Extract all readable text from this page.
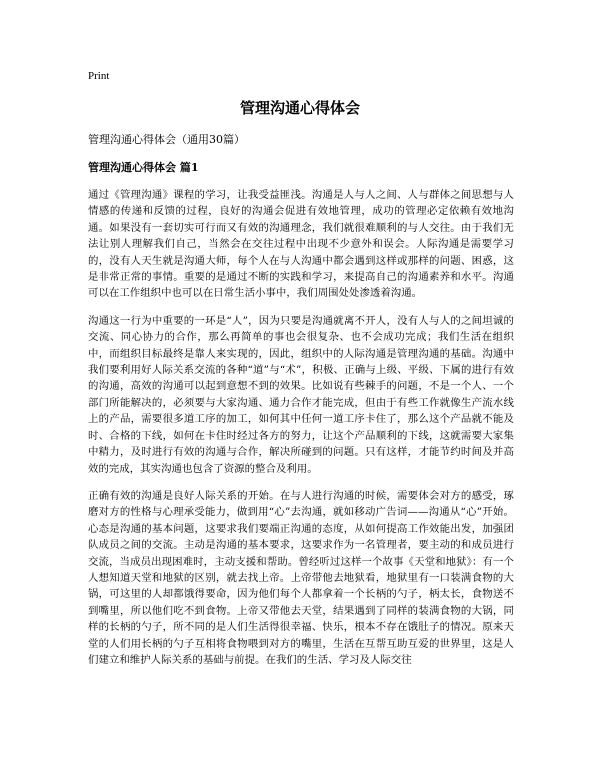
Print
管理沟通心得体会
管理沟通心得体会（通用30篇）
管理沟通心得体会 篇1

通过《管理沟通》课程的学习，让我受益匪浅。沟通是人与人之间、人与群体之间思想与人情感的传递和反馈的过程，良好的沟通会促进有效地管理，成功的管理必定依赖有效地沟通。如果没有一套切实可行而又有效的沟通理念，我们就很难顺利的与人交往。由于我们无法让别人理解我们自己，当然会在交往过程中出现不少意外和误会。人际沟通是需要学习的，没有人天生就是沟通大师，每个人在与人沟通中都会遇到这样或那样的问题、困惑，这是非常正常的事情。重要的是通过不断的实践和学习，来提高自己的沟通素养和水平。沟通可以在工作组织中也可以在日常生活小事中，我们周围处处渗透着沟通。

沟通这一行为中重要的一环是“人”，因为只要是沟通就离不开人，没有人与人的之间坦诚的交流、同心协力的合作，那么再简单的事也会很复杂、也不会成功完成；我们生活在组织中，而组织目标最终是靠人来实现的，因此，组织中的人际沟通是管理沟通的基础。沟通中我们要利用好人际关系交流的各种“道”与“术”，积极、正确与上级、平级、下属的进行有效的沟通，高效的沟通可以起到意想不到的效果。比如说有些棘手的问题，不是一个人、一个部门所能解决的，必须要与大家沟通、通力合作才能完成，但由于有些工作就像生产流水线上的产品，需要很多道工序的加工，如何其中任何一道工序卡住了，那么这个产品就不能及时、合格的下线，如何在卡住时经过各方的努力，让这个产品顺利的下线，这就需要大家集中精力，及时进行有效的沟通与合作，解决所碰到的问题。只有这样，才能节约时间及并高效的完成，其实沟通也包含了资源的整合及利用。

正确有效的沟通是良好人际关系的开始。在与人进行沟通的时候，需要体会对方的感受，琢磨对方的性格与心理承受能力，做到用“心”去沟通，就如移动广告词——沟通从“心”开始。心态是沟通的基本问题，这要求我们要端正沟通的态度，从如何提高工作效能出发，加强团队成员之间的交流。主动是沟通的基本要求，这要求作为一名管理者，要主动的和成员进行交流，当成员出现困难时，主动支援和帮助。曾经听过这样一个故事《天堂和地狱》：有一个人想知道天堂和地狱的区别，就去找上帝。上帝带他去地狱看，地狱里有一口装满食物的大锅，可这里的人却都饿得要命，因为他们每个人都拿着一个长柄的勺子，柄太长，食物送不到嘴里，所以他们吃不到食物。上帝又带他去天堂，结果遇到了同样的装满食物的大锅，同样的长柄的勺子，所不同的是人们生活得很幸福、快乐，根本不存在饿肚子的情况。原来天堂的人们用长柄的勺子互相将食物喂到对方的嘴里，生活在互帮互助互爱的世界里，这是人们建立和维护人际关系的基础与前提。在我们的生活、学习及人际交往
